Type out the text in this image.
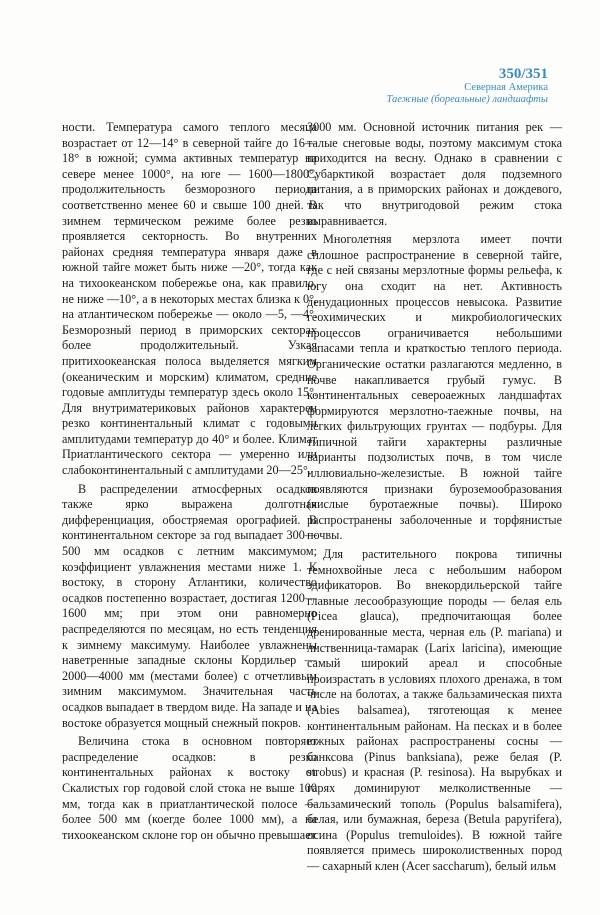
350/351
Северная Америка
Таежные (бореальные) ландшафты

ности. Температура самого теплого месяца возрастает от 12—14° в северной тайге до 16—18° в южной; сумма активных температур на севере менее 1000°, на юге — 1600—1800°, продолжительность безморозного периода соответственно менее 60 и свыше 100 дней. В зимнем термическом режиме более резко проявляется секторность. Во внутренних районах средняя температура января даже в южной тайге может быть ниже —20°, тогда как на тихоокеанском побережье она, как правило, не ниже —10°, а в некоторых местах близка к 0°, на атлантическом побережье — около —5, —4°. Безморозный период в приморских секторах более продолжительный. Узкая притихоокеанская полоса выделяется мягким (океаническим и морским) климатом, средние годовые амплитуды температур здесь около 15°. Для внутриматериковых районов характерен резко континентальный климат с годовыми амплитудами температур до 40° и более. Климат Приатлантического сектора — умеренно или слабоконтинентальный с амплитудами 20—25°.

В распределении атмосферных осадков также ярко выражена долготная дифференциация, обостряемая орографией. В континентальном секторе за год выпадает 300—500 мм осадков с летним максимумом; коэффициент увлажнения местами ниже 1. К востоку, в сторону Атлантики, количество осадков постепенно возрастает, достигая 1200—1600 мм; при этом они равномерно распределяются по месяцам, но есть тенденция к зимнему максимуму. Наиболее увлажнены наветренные западные склоны Кордильер — 2000—4000 мм (местами более) с отчетливым зимним максимумом. Значительная часть осадков выпадает в твердом виде. На западе и на востоке образуется мощный снежный покров.

Величина стока в основном повторяет распределение осадков: в резко континентальных районах к востоку от Скалистых гор годовой слой стока не выше 100 мм, тогда как в приатлантической полосе — более 500 мм (коегде более 1000 мм), а на тихоокеанском склоне гор он обычно превышает

3000 мм. Основной источник питания рек — талые снеговые воды, поэтому максимум стока приходится на весну. Однако в сравнении с Субарктикой возрастает доля подземного питания, а в приморских районах и дождевого, так что внутригодовой режим стока выравнивается.

Многолетняя мерзлота имеет почти сплошное распространение в северной тайге, где с ней связаны мерзлотные формы рельефа, к югу она сходит на нет. Активность денудационных процессов невысока. Развитие геохимических и микробиологических процессов ограничивается небольшими запасами тепла и краткостью теплого периода. Органические остатки разлагаются медленно, в почве накапливается грубый гумус. В континентальных североаежных ландшафтах формируются мерзлотно-таежные почвы, на легких фильтрующих грунтах — подбуры. Для типичной тайги характерны различные варианты подзолистых почв, в том числе иллювиально-железистые. В южной тайге появляются признаки буроземообразования (кислые буротаежные почвы). Широко распространены заболоченные и торфянистые почвы.

Для растительного покрова типичны темнохвойные леса с небольшим набором эдификаторов. Во внекордильерской тайге главные лесообразующие породы — белая ель (Picea glauca), предпочитающая более дренированные места, черная ель (P. mariana) и лиственница-тамарак (Larix laricina), имеющие самый широкий ареал и способные произрастать в условиях плохого дренажа, в том числе на болотах, а также бальзамическая пихта (Abies balsamea), тяготеющая к менее континентальным районам. На песках и в более южных районах распространены сосны — банксова (Pinus banksiana), реже белая (P. strobus) и красная (P. resinosa). На вырубках и гарях доминируют мелколиственные — бальзамический тополь (Populus balsamifera), белая, или бумажная, береза (Betula papyrifera), осина (Populus tremuloides). В южной тайге появляется примесь широколиственных пород — сахарный клен (Acer saccharum), белый ильм
